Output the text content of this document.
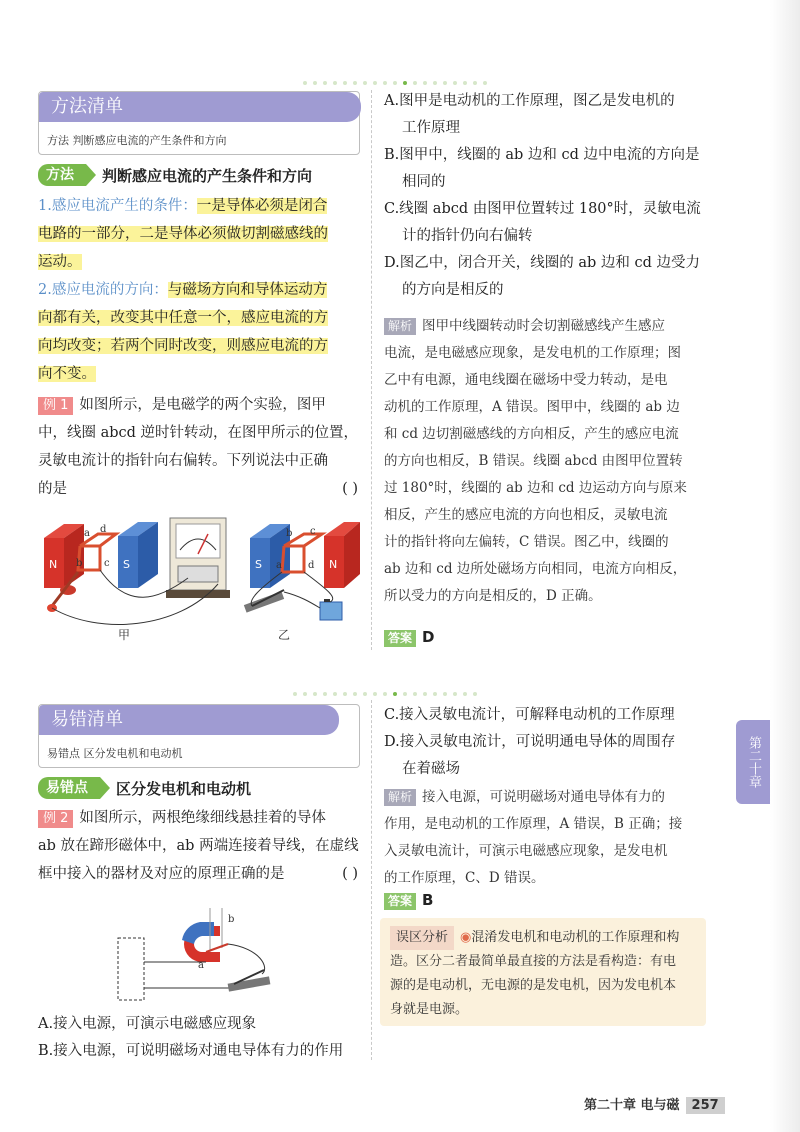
方法清单
方法 判断感应电流的产生条件和方向
方法	判断感应电流的产生条件和方向
1.感应电流产生的条件：一是导体必须是闭合
电路的一部分，二是导体必须做切割磁感线的
运动。
2.感应电流的方向：与磁场方向和导体运动方
向都有关，改变其中任意一个，感应电流的方
向均改变；若两个同时改变，则感应电流的方
向不变。
例 1 如图所示，是电磁学的两个实验，图甲
中，线圈 abcd 逆时针转动，在图甲所示的位置，
灵敏电流计的指针向右偏转。下列说法中正确
的是	( )
N	S
a d
b c	S	N
b c
a	d
甲	乙
A.图甲是电动机的工作原理，图乙是发电机的
工作原理
B.图甲中，线圈的 ab 边和 cd 边中电流的方向是
相同的
C.线圈 abcd 由图甲位置转过 180°时，灵敏电流
计的指针仍向右偏转
D.图乙中，闭合开关，线圈的 ab 边和 cd 边受力
的方向是相反的
解析 图甲中线圈转动时会切割磁感线产生感应
电流，是电磁感应现象，是发电机的工作原理；图
乙中有电源，通电线圈在磁场中受力转动，是电
动机的工作原理，A 错误。图甲中，线圈的 ab 边
和 cd 边切割磁感线的方向相反，产生的感应电流
的方向也相反，B 错误。线圈 abcd 由图甲位置转
过 180°时，线圈的 ab 边和 cd 边运动方向与原来
相反，产生的感应电流的方向也相反，灵敏电流
计的指针将向左偏转，C 错误。图乙中，线圈的
ab 边和 cd 边所处磁场方向相同，电流方向相反，
所以受力的方向是相反的，D 正确。
答案 D
易错清单
易错点 区分发电机和电动机
易错点	区分发电机和电动机
例 2 如图所示，两根绝缘细线悬挂着的导体
ab 放在蹄形磁体中，ab 两端连接着导线，在虚线
框中接入的器材及对应的原理正确的是	( )
b
a
A.接入电源，可演示电磁感应现象
B.接入电源，可说明磁场对通电导体有力的作用
C.接入灵敏电流计，可解释电动机的工作原理
D.接入灵敏电流计，可说明通电导体的周围存
在着磁场
解析 接入电源，可说明磁场对通电导体有力的
作用，是电动机的工作原理，A 错误，B 正确；接
入灵敏电流计，可演示电磁感应现象，是发电机
的工作原理，C、D 错误。
答案 B
误区分析 ◉混淆发电机和电动机的工作原理和构
造。区分二者最简单最直接的方法是看构造：有电
源的是电动机，无电源的是发电机，因为发电机本
身就是电源。
第二十章
第二十章 电与磁 257
